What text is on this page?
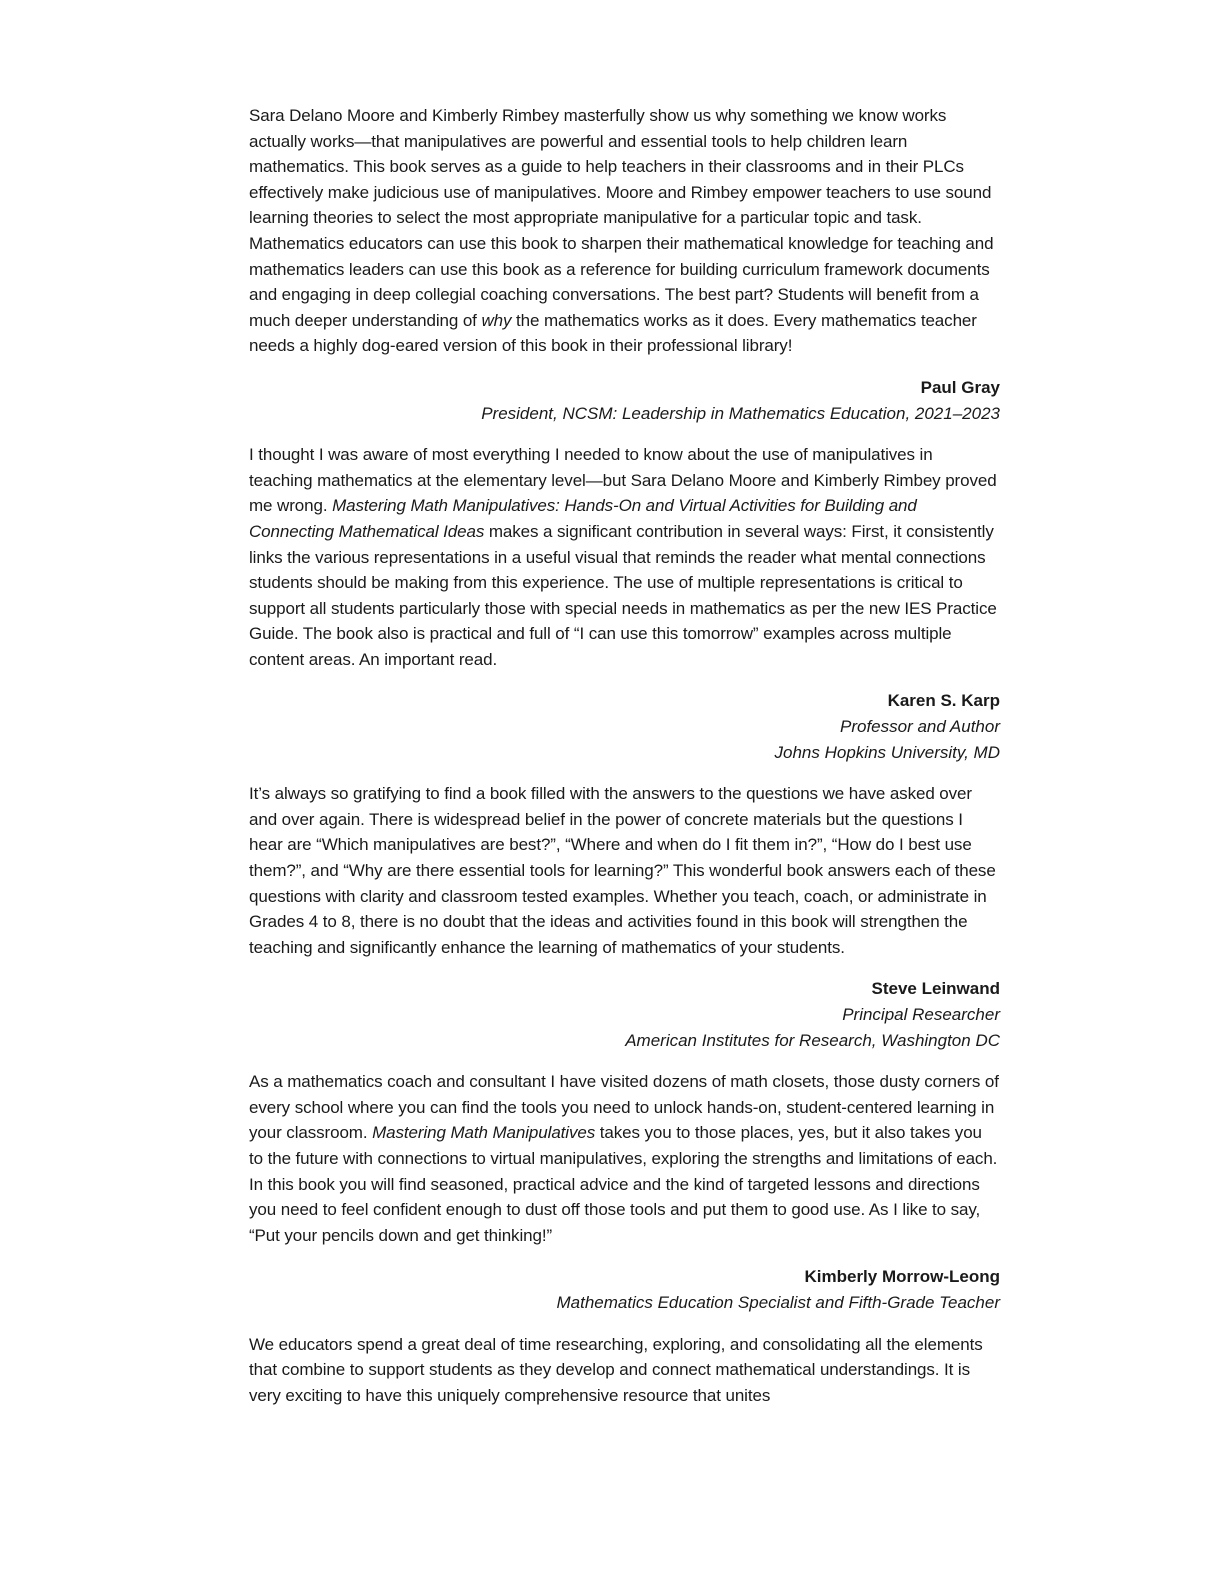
Sara Delano Moore and Kimberly Rimbey masterfully show us why something we know works actually works—that manipulatives are powerful and essential tools to help children learn mathematics. This book serves as a guide to help teachers in their classrooms and in their PLCs effectively make judicious use of manipulatives. Moore and Rimbey empower teachers to use sound learning theories to select the most appropriate manipulative for a particular topic and task. Mathematics educators can use this book to sharpen their mathematical knowledge for teaching and mathematics leaders can use this book as a reference for building curriculum framework documents and engaging in deep collegial coaching conversations. The best part? Students will benefit from a much deeper understanding of why the mathematics works as it does. Every mathematics teacher needs a highly dog-eared version of this book in their professional library!

Paul Gray

President, NCSM: Leadership in Mathematics Education, 2021–2023

I thought I was aware of most everything I needed to know about the use of manipulatives in teaching mathematics at the elementary level—but Sara Delano Moore and Kimberly Rimbey proved me wrong. Mastering Math Manipulatives: Hands-On and Virtual Activities for Building and Connecting Mathematical Ideas makes a significant contribution in several ways: First, it consistently links the various representations in a useful visual that reminds the reader what mental connections students should be making from this experience. The use of multiple representations is critical to support all students particularly those with special needs in mathematics as per the new IES Practice Guide. The book also is practical and full of “I can use this tomorrow” examples across multiple content areas. An important read.

Karen S. Karp

Professor and Author

Johns Hopkins University, MD

It’s always so gratifying to find a book filled with the answers to the questions we have asked over and over again. There is widespread belief in the power of concrete materials but the questions I hear are “Which manipulatives are best?”, “Where and when do I fit them in?”, “How do I best use them?”, and “Why are there essential tools for learning?” This wonderful book answers each of these questions with clarity and classroom tested examples. Whether you teach, coach, or administrate in Grades 4 to 8, there is no doubt that the ideas and activities found in this book will strengthen the teaching and significantly enhance the learning of mathematics of your students.

Steve Leinwand

Principal Researcher

American Institutes for Research, Washington DC

As a mathematics coach and consultant I have visited dozens of math closets, those dusty corners of every school where you can find the tools you need to unlock hands-on, student-centered learning in your classroom. Mastering Math Manipulatives takes you to those places, yes, but it also takes you to the future with connections to virtual manipulatives, exploring the strengths and limitations of each. In this book you will find seasoned, practical advice and the kind of targeted lessons and directions you need to feel confident enough to dust off those tools and put them to good use. As I like to say, “Put your pencils down and get thinking!”

Kimberly Morrow-Leong

Mathematics Education Specialist and Fifth-Grade Teacher

We educators spend a great deal of time researching, exploring, and consolidating all the elements that combine to support students as they develop and connect mathematical understandings. It is very exciting to have this uniquely comprehensive resource that unites
